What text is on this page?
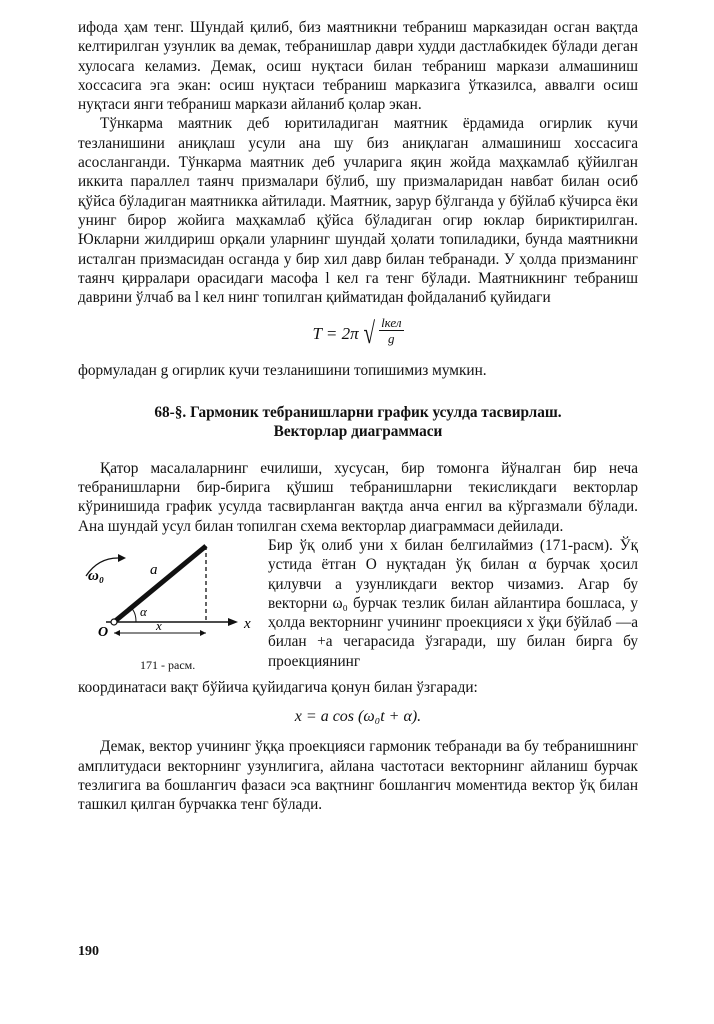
ифода ҳам тенг. Шундай қилиб, биз маятникни тебраниш марказидан осган вақтда келтирилган узунлик ва демак, тебранишлар даври худди дастлабкидек бўлади деган хулосага келамиз. Демак, осиш нуқтаси билан тебраниш маркази алмашиниш хоссасига эга экан: осиш нуқтаси тебраниш марказига ўтказилса, аввалги осиш нуқтаси янги тебраниш маркази айланиб қолар экан.

Тўнкарма маятник деб юритиладиган маятник ёрдамида огирлик кучи тезланишини аниқлаш усули ана шу биз аниқлаган алмашиниш хоссасига асосланганди. Тўнкарма маятник деб учларига яқин жойда маҳкамлаб қўйилган иккита параллел таянч призмалари бўлиб, шу призмаларидан навбат билан осиб қўйса бўладиган маятникка айтилади. Маятник, зарур бўлганда у бўйлаб кўчирса ёки унинг бирор жойига маҳкамлаб қўйса бўладиган огир юклар бириктирилган. Юкларни жилдириш орқали уларнинг шундай ҳолати топиладики, бунда маятникни исталган призмасидан осганда у бир хил давр билан тебранади. У ҳолда призманинг таянч қирралари орасидаги масофа l кел га тенг бўлади. Маятникнинг тебраниш даврини ўлчаб ва l кел нинг топилган қийматидан фойдаланиб қуйидаги

T = 2π √ $\frac{\text{lкел}}{g}$

формуладан g огирлик кучи тезланишини топишимиз мумкин.

68-§. Гармоник тебранишларни график усулда тасвирлаш.
Векторлар диаграммаси

Қатор масалаларнинг ечилиши, хусусан, бир томонга йўналган бир неча тебранишларни бир-бирига қўшиш тебранишларни текисликдаги векторлар кўринишида график усулда тасвирланган вақтда анча енгил ва кўргазмали бўлади. Ана шундай усул билан топилган схема векторлар диаграммаси дейилади.

ω₀	a
α
O
x
x
171 - расм.

Бир ўқ олиб уни x билан белгилаймиз (171-расм). Ўқ устида ётган O нуқтадан ўқ билан α бурчак ҳосил қилувчи a узунликдаги вектор чизамиз. Агар бу векторни ω₀ бурчак тезлик билан айлантира бошласа, у ҳолда векторнинг учининг проекцияси x ўқи бўйлаб —a билан +a чегарасида ўзгаради, шу билан бирга бу проекциянинг

координатаси вақт бўйича қуйидагича қонун билан ўзгаради:

x = a cos (ω₀t + α).

Демак, вектор учининг ўққа проекцияси гармоник тебранади ва бу тебранишнинг амплитудаси векторнинг узунлигига, айлана частотаси векторнинг айланиш бурчак тезлигига ва бошлангич фазаси эса вақтнинг бошлангич моментида вектор ўқ билан ташкил қилган бурчакка тенг бўлади.

190
